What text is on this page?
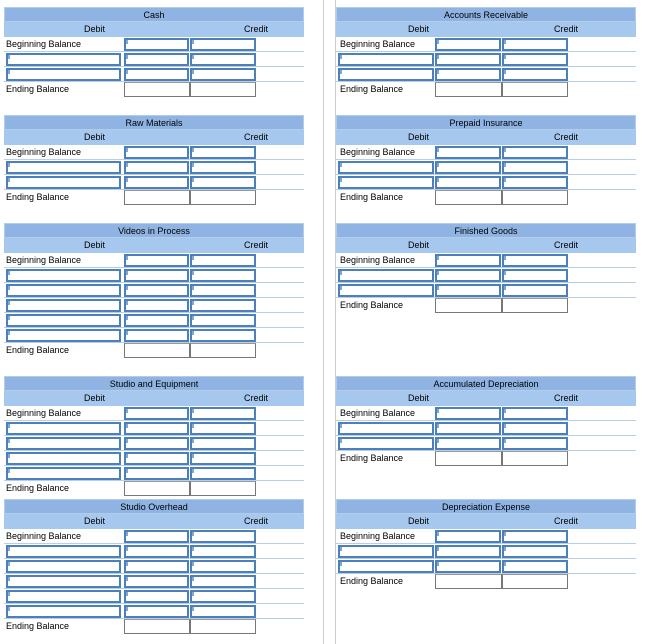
Cash
Debit	Credit
Beginning Balance
Ending Balance
Raw Materials
Debit	Credit
Beginning Balance
Ending Balance
Videos in Process
Debit	Credit
Beginning Balance
Ending Balance
Studio and Equipment
Debit	Credit
Beginning Balance
Ending Balance
Studio Overhead
Debit	Credit
Beginning Balance
Ending Balance
Accounts Receivable
Debit	Credit
Beginning Balance
Ending Balance
Prepaid Insurance
Debit	Credit
Beginning Balance
Ending Balance
Finished Goods
Debit	Credit
Beginning Balance
Ending Balance
Accumulated Depreciation
Debit	Credit
Beginning Balance
Ending Balance
Depreciation Expense
Debit	Credit
Beginning Balance
Ending Balance
